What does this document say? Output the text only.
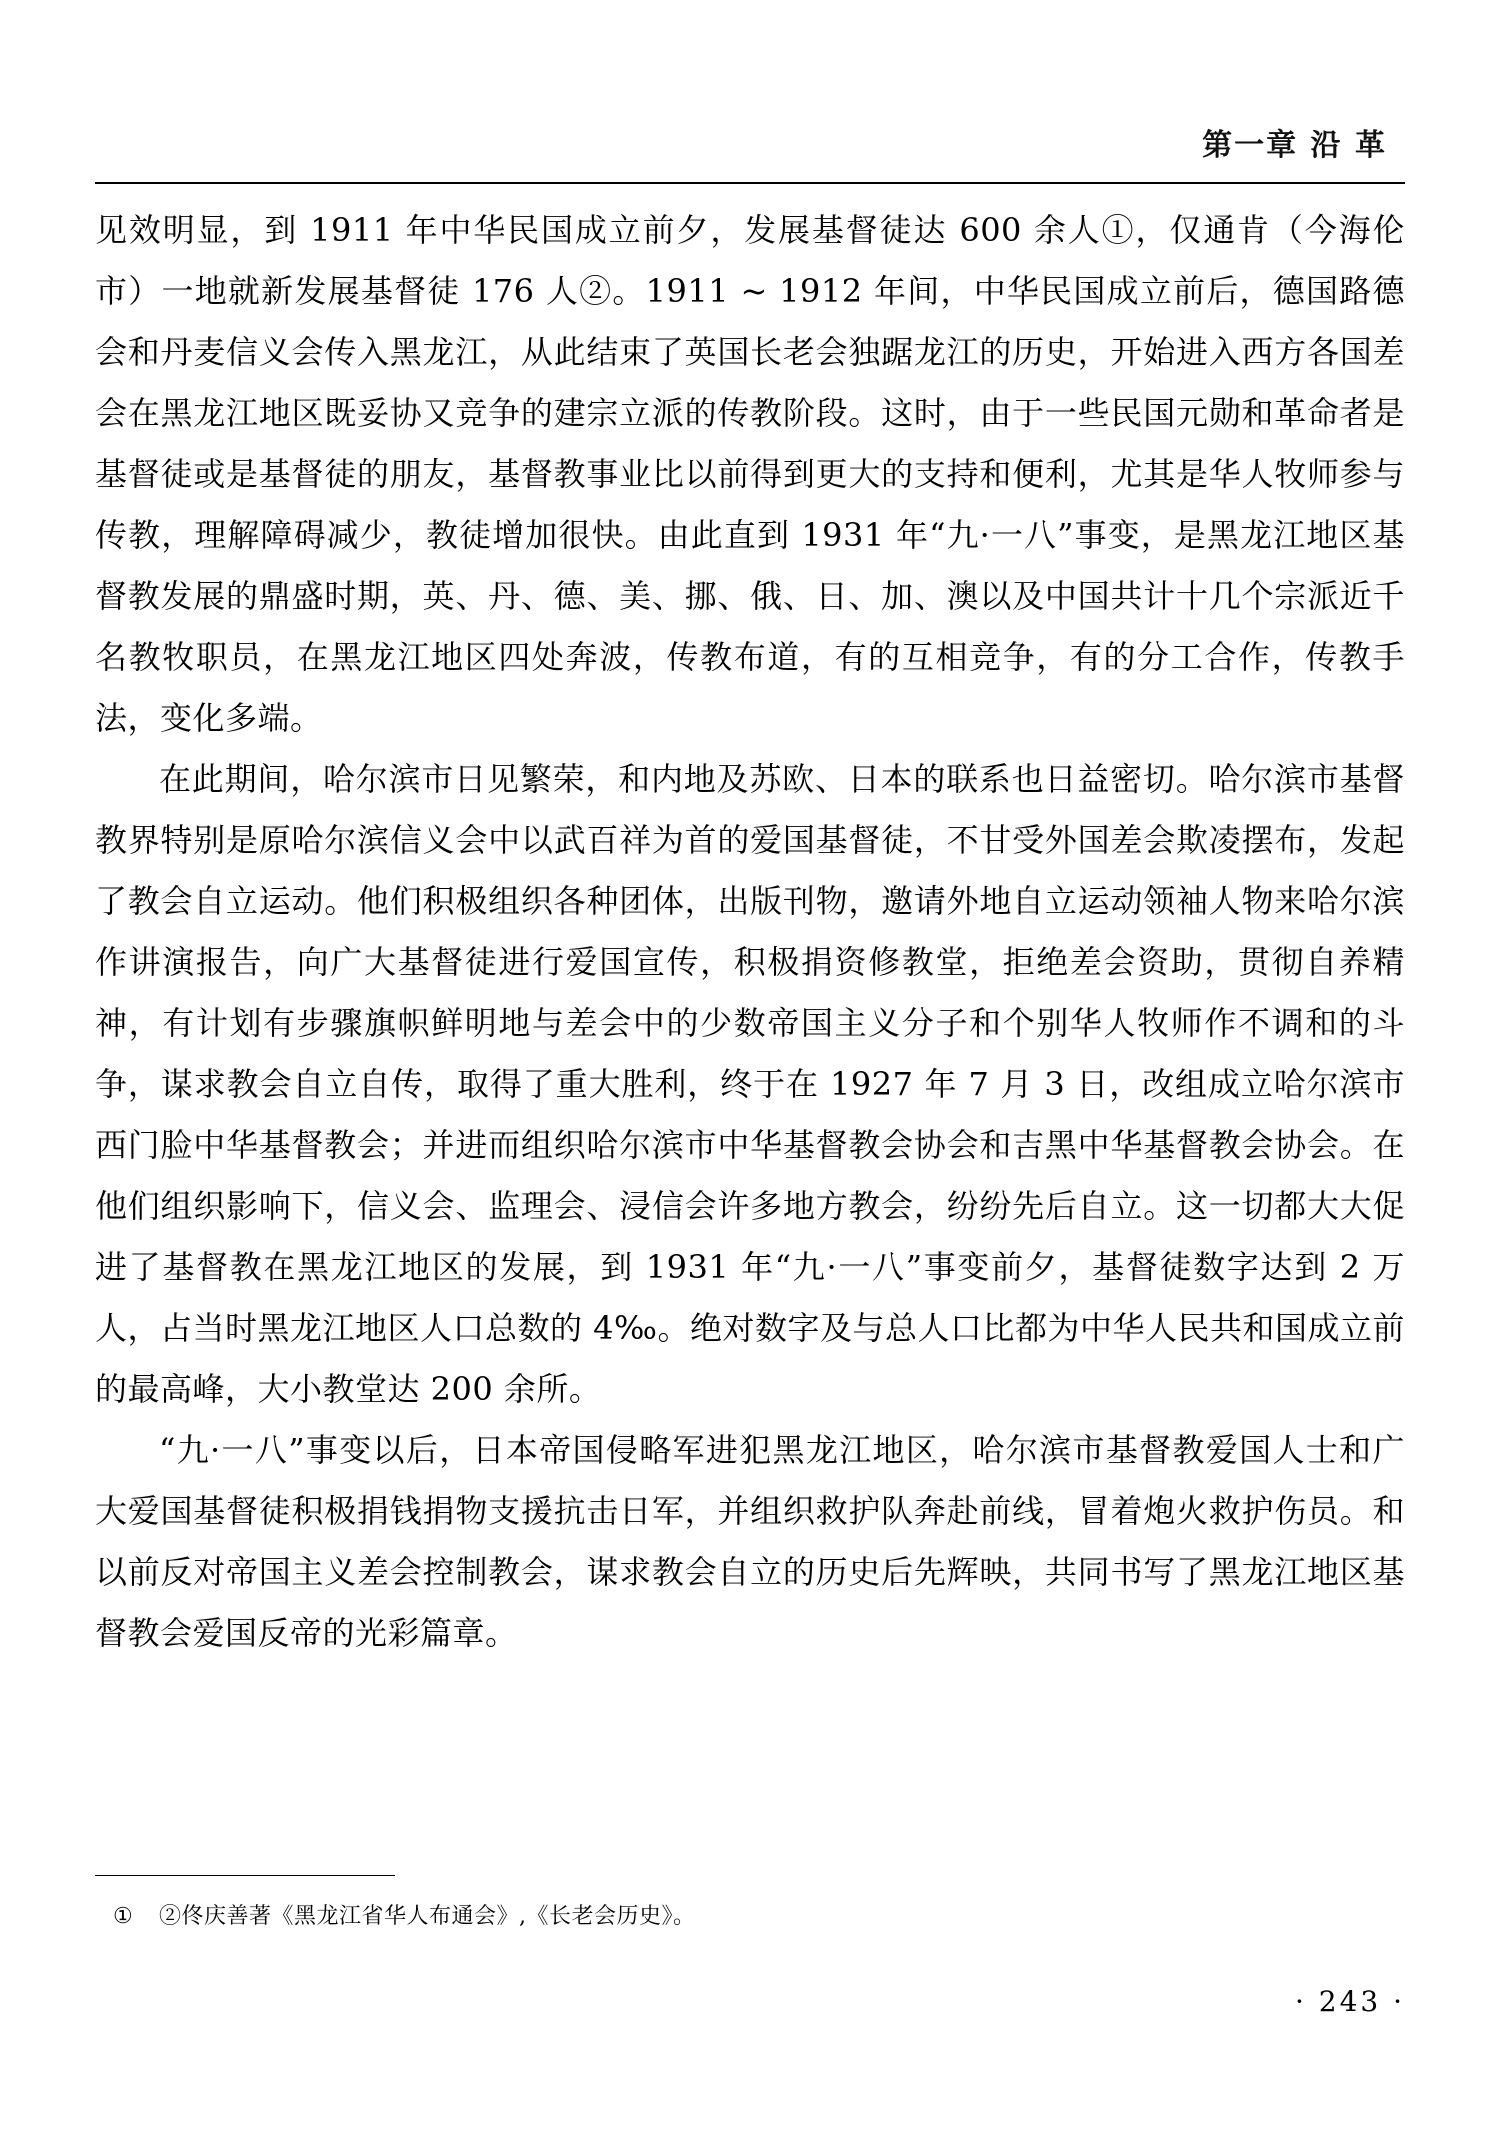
第一章 沿 革

见效明显，到 1911 年中华民国成立前夕，发展基督徒达 600 余人①，仅通肯（今海伦市）一地就新发展基督徒 176 人②。1911 ~ 1912 年间，中华民国成立前后，德国路德会和丹麦信义会传入黑龙江，从此结束了英国长老会独踞龙江的历史，开始进入西方各国差会在黑龙江地区既妥协又竞争的建宗立派的传教阶段。这时，由于一些民国元勋和革命者是基督徒或是基督徒的朋友，基督教事业比以前得到更大的支持和便利，尤其是华人牧师参与传教，理解障碍减少，教徒增加很快。由此直到 1931 年“九·一八”事变，是黑龙江地区基督教发展的鼎盛时期，英、丹、德、美、挪、俄、日、加、澳以及中国共计十几个宗派近千名教牧职员，在黑龙江地区四处奔波，传教布道，有的互相竞争，有的分工合作，传教手法，变化多端。

在此期间，哈尔滨市日见繁荣，和内地及苏欧、日本的联系也日益密切。哈尔滨市基督教界特别是原哈尔滨信义会中以武百祥为首的爱国基督徒，不甘受外国差会欺凌摆布，发起了教会自立运动。他们积极组织各种团体，出版刊物，邀请外地自立运动领袖人物来哈尔滨作讲演报告，向广大基督徒进行爱国宣传，积极捐资修教堂，拒绝差会资助，贯彻自养精神，有计划有步骤旗帜鲜明地与差会中的少数帝国主义分子和个别华人牧师作不调和的斗争，谋求教会自立自传，取得了重大胜利，终于在 1927 年 7 月 3 日，改组成立哈尔滨市西门脸中华基督教会；并进而组织哈尔滨市中华基督教会协会和吉黑中华基督教会协会。在他们组织影响下，信义会、监理会、浸信会许多地方教会，纷纷先后自立。这一切都大大促进了基督教在黑龙江地区的发展，到 1931 年“九·一八”事变前夕，基督徒数字达到 2 万人，占当时黑龙江地区人口总数的 4‰。绝对数字及与总人口比都为中华人民共和国成立前的最高峰，大小教堂达 200 余所。

“九·一八”事变以后，日本帝国侵略军进犯黑龙江地区，哈尔滨市基督教爱国人士和广大爱国基督徒积极捐钱捐物支援抗击日军，并组织救护队奔赴前线，冒着炮火救护伤员。和以前反对帝国主义差会控制教会，谋求教会自立的历史后先辉映，共同书写了黑龙江地区基督教会爱国反帝的光彩篇章。

① ②佟庆善著《黑龙江省华人布通会》,《长老会历史》。
· 243 ·
